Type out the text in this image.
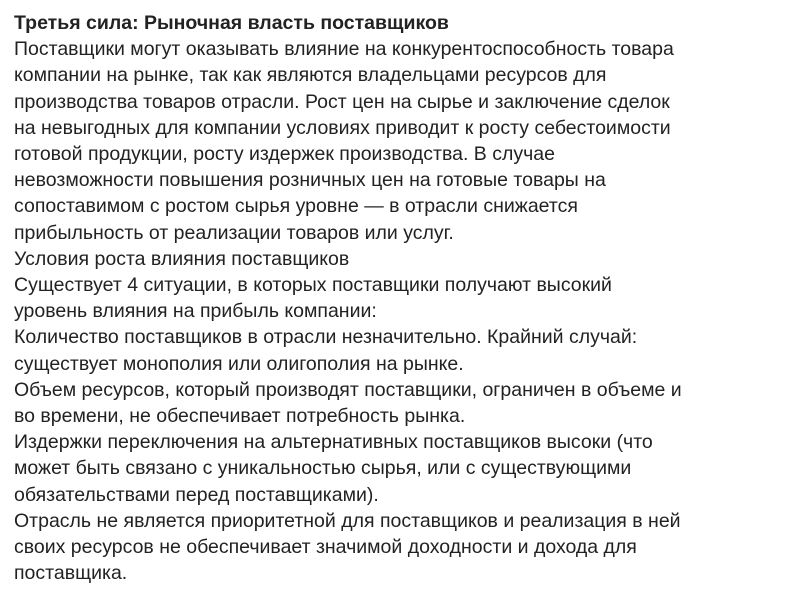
Третья сила: Рыночная власть поставщиков
Поставщики могут оказывать влияние на конкурентоспособность товара
компании на рынке, так как являются владельцами ресурсов для
производства товаров отрасли. Рост цен на сырье и заключение сделок
на невыгодных для компании условиях приводит к росту себестоимости
готовой продукции, росту издержек производства. В случае
невозможности повышения розничных цен на готовые товары на
сопоставимом с ростом сырья уровне — в отрасли снижается
прибыльность от реализации товаров или услуг.
Условия роста влияния поставщиков
Существует 4 ситуации, в которых поставщики получают высокий
уровень влияния на прибыль компании:
Количество поставщиков в отрасли незначительно. Крайний случай:
существует монополия или олигополия на рынке.
Объем ресурсов, который производят поставщики, ограничен в объеме и
во времени, не обеспечивает потребность рынка.
Издержки переключения на альтернативных поставщиков высоки (что
может быть связано с уникальностью сырья, или с существующими
обязательствами перед поставщиками).
Отрасль не является приоритетной для поставщиков и реализация в ней
своих ресурсов не обеспечивает значимой доходности и дохода для
поставщика.
